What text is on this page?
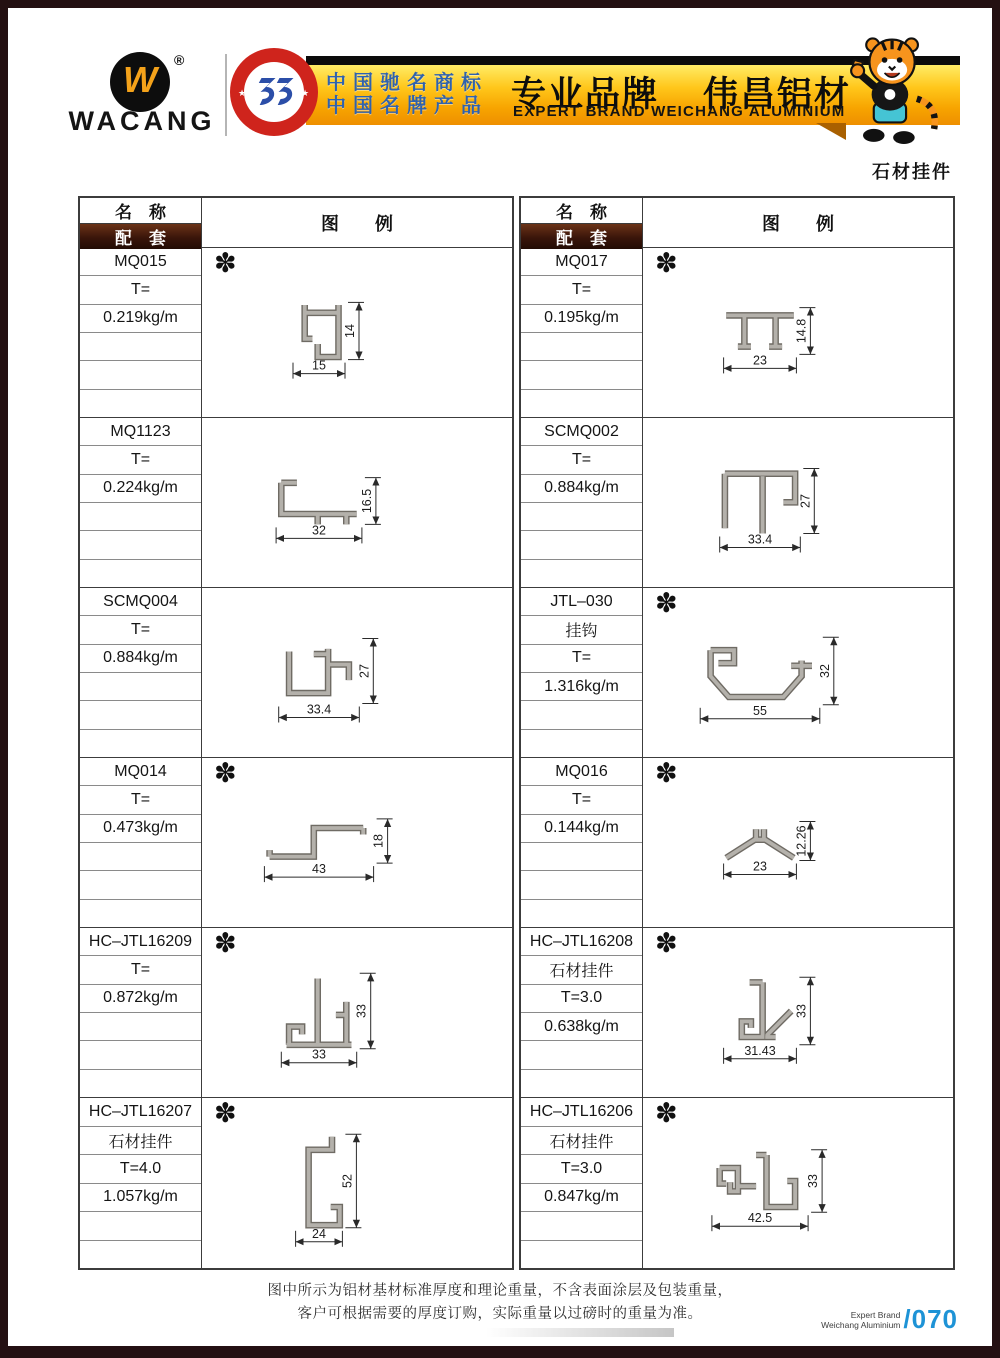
W ®
WACANG
中国驰名商标
中国名牌产品 专业品牌 伟昌铝材
EXPERT BRAND WEICHANG ALUMINIUM
★	★
石材挂件
名　称
配　套
图　　例
MQ015
T=
0.219kg/m
✽
15
14
MQ1123
T=
0.224kg/m
32
16.5
SCMQ004
T=
0.884kg/m
33.4
27
MQ014
T=
0.473kg/m
✽
43
18
HC–JTL16209
T=
0.872kg/m
✽
33
33
HC–JTL16207
石材挂件
T=4.0
1.057kg/m
✽
24
52
名　称
配　套
图　　例
MQ017
T=
0.195kg/m
✽
23
14.8
SCMQ002
T=
0.884kg/m
33.4
27
JTL–030
挂钩
T=
1.316kg/m
✽
55
32
MQ016
T=
0.144kg/m
✽
23
12.26
HC–JTL16208
石材挂件
T=3.0
0.638kg/m
✽
31.43
33
HC–JTL16206
石材挂件
T=3.0
0.847kg/m
✽
42.5
33
图中所示为铝材基材标准厚度和理论重量，不含表面涂层及包装重量，
客户可根据需要的厚度订购，实际重量以过磅时的重量为准。	Expert Brand
Weichang Aluminium /070
